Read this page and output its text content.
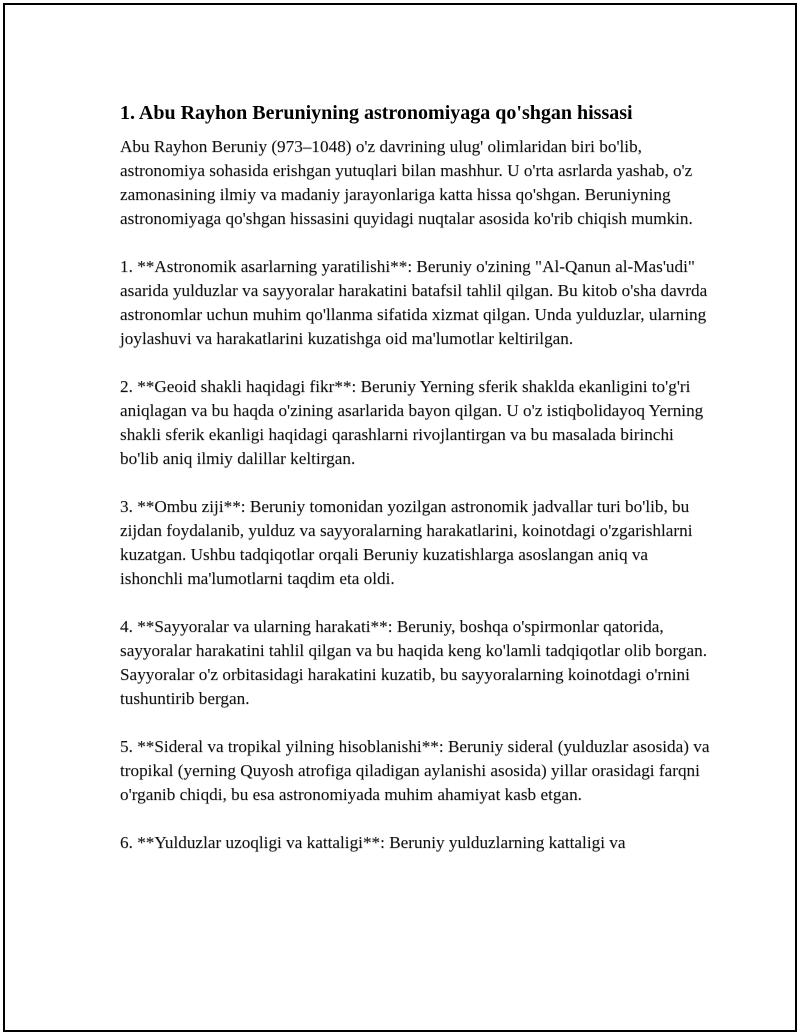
1. Abu Rayhon Beruniyning astronomiyaga qo'shgan hissasi

Abu Rayhon Beruniy (973–1048) o'z davrining ulug' olimlaridan biri bo'lib, astronomiya sohasida erishgan yutuqlari bilan mashhur. U o'rta asrlarda yashab, o'z zamonasining ilmiy va madaniy jarayonlariga katta hissa qo'shgan. Beruniyning astronomiyaga qo'shgan hissasini quyidagi nuqtalar asosida ko'rib chiqish mumkin.

1. **Astronomik asarlarning yaratilishi**: Beruniy o'zining "Al-Qanun al-Mas'udi" asarida yulduzlar va sayyoralar harakatini batafsil tahlil qilgan. Bu kitob o'sha davrda astronomlar uchun muhim qo'llanma sifatida xizmat qilgan. Unda yulduzlar, ularning joylashuvi va harakatlarini kuzatishga oid ma'lumotlar keltirilgan.

2. **Geoid shakli haqidagi fikr**: Beruniy Yerning sferik shaklda ekanligini to'g'ri aniqlagan va bu haqda o'zining asarlarida bayon qilgan. U o'z istiqbolidayoq Yerning shakli sferik ekanligi haqidagi qarashlarni rivojlantirgan va bu masalada birinchi bo'lib aniq ilmiy dalillar keltirgan.

3. **Ombu ziji**: Beruniy tomonidan yozilgan astronomik jadvallar turi bo'lib, bu zijdan foydalanib, yulduz va sayyoralarning harakatlarini, koinotdagi o'zgarishlarni kuzatgan. Ushbu tadqiqotlar orqali Beruniy kuzatishlarga asoslangan aniq va ishonchli ma'lumotlarni taqdim eta oldi.

4. **Sayyoralar va ularning harakati**: Beruniy, boshqa o'spirmonlar qatorida, sayyoralar harakatini tahlil qilgan va bu haqida keng ko'lamli tadqiqotlar olib borgan. Sayyoralar o'z orbitasidagi harakatini kuzatib, bu sayyoralarning koinotdagi o'rnini tushuntirib bergan.

5. **Sideral va tropikal yilning hisoblanishi**: Beruniy sideral (yulduzlar asosida) va tropikal (yerning Quyosh atrofiga qiladigan aylanishi asosida) yillar orasidagi farqni o'rganib chiqdi, bu esa astronomiyada muhim ahamiyat kasb etgan.

6. **Yulduzlar uzoqligi va kattaligi**: Beruniy yulduzlarning kattaligi va
